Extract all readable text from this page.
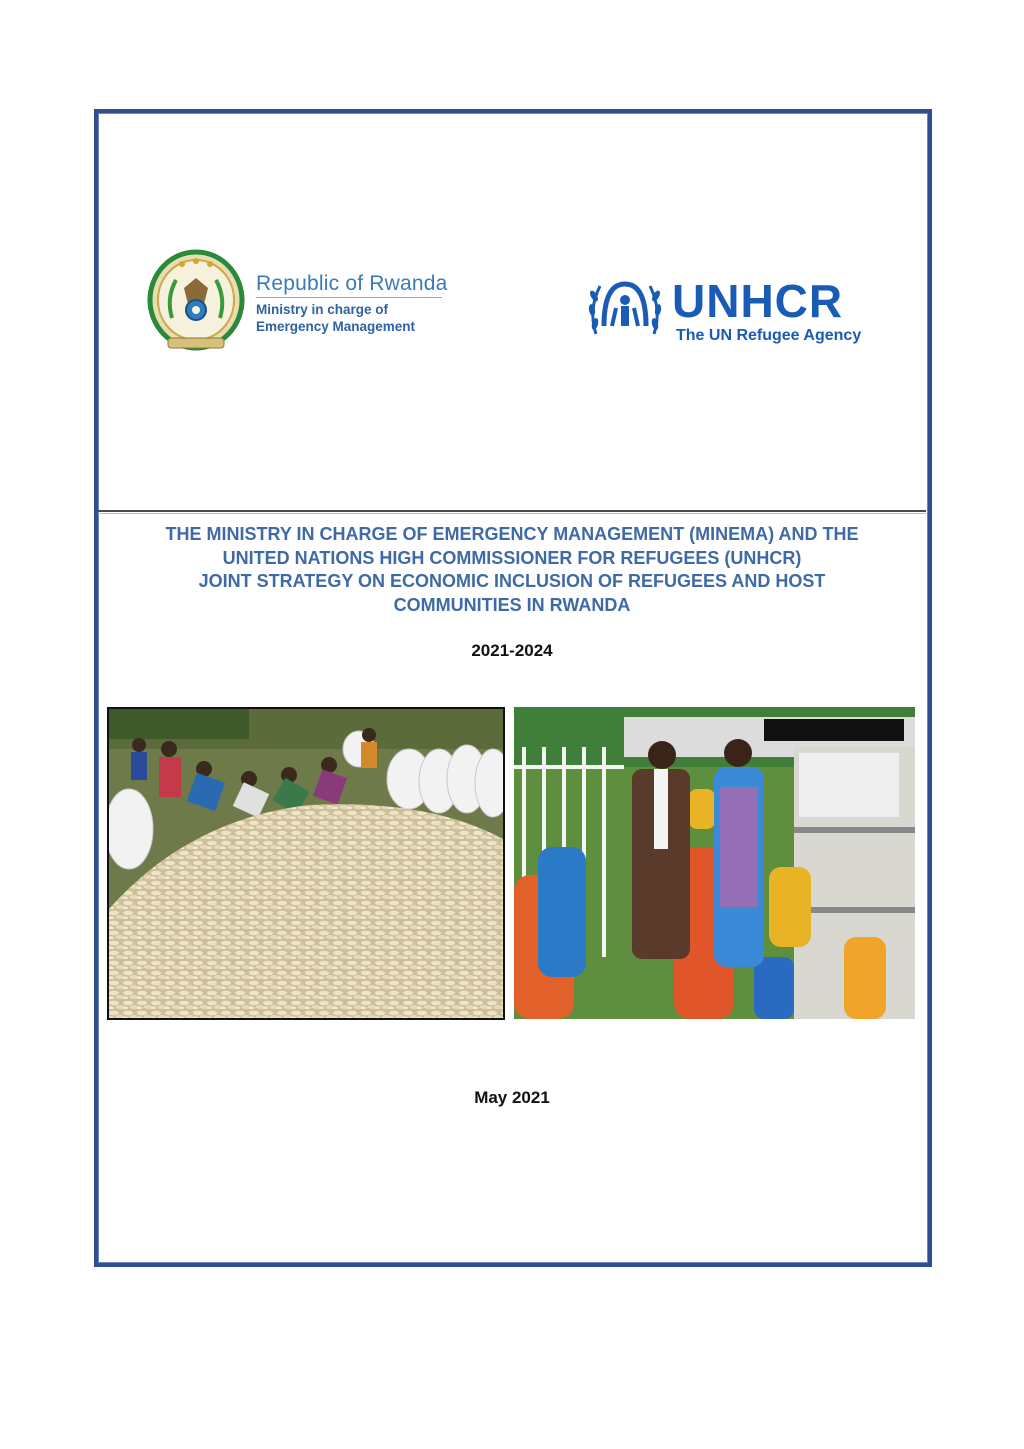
Republic of Rwanda
Ministry in charge of
Emergency Management	UNHCR
The UN Refugee Agency
THE MINISTRY IN CHARGE OF EMERGENCY MANAGEMENT (MINEMA) AND THE
UNITED NATIONS HIGH COMMISSIONER FOR REFUGEES (UNHCR)
JOINT STRATEGY ON ECONOMIC INCLUSION OF REFUGEES AND HOST
COMMUNITIES IN RWANDA
2021-2024
May 2021
